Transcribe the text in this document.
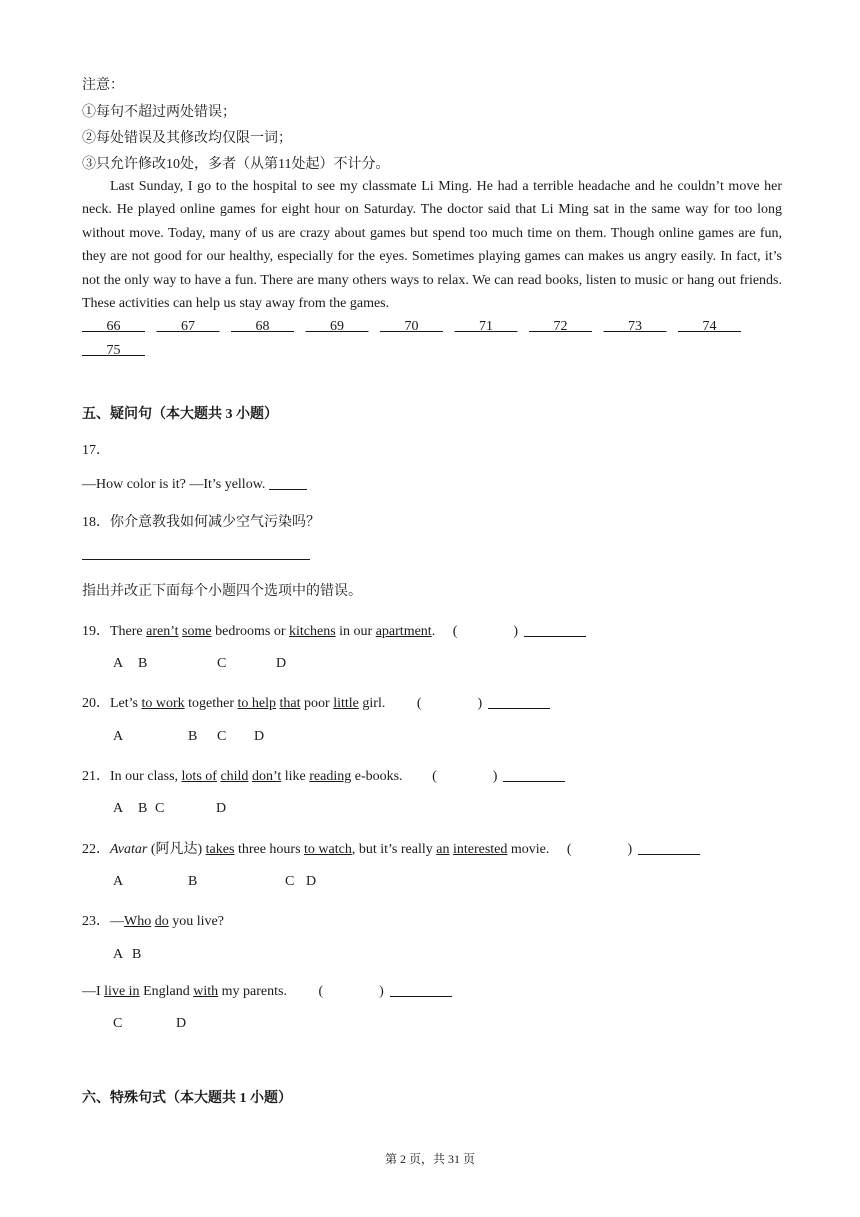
注意：
①每句不超过两处错误；
②每处错误及其修改均仅限一词；
③只允许修改10处，多者（从第11处起）不计分。
Last Sunday, I go to the hospital to see my classmate Li Ming. He had a terrible headache and he couldn’t move her neck. He played online games for eight hour on Saturday. The doctor said that Li Ming sat in the same way for too long without move. Today, many of us are crazy about games but spend too much time on them. Though online games are fun, they are not good for our healthy, especially for the eyes. Sometimes playing games can makes us angry easily. In fact, it’s not the only way to have a fun. There are many others ways to relax. We can read books, listen to music or hang out friends. These activities can help us stay away from the games.
66	67	68	69	70	71	72	73	74               75
五、疑问句（本大题共 3 小题）
17．
—How color is it? —It’s yellow.
18．你介意教我如何减少空气污染吗？
指出并改正下面每个小题四个选项中的错误。
19．There aren’t some bedrooms or kitchens in our apartment. (                )
A B	C	D
20．Let’s to work together to help that poor little girl. (                )
A	B C D
21．In our class, lots of child don’t like reading e-books. (                )
A B C	D
22．Avatar (阿凡达) takes three hours to watch, but it’s really an interested movie. (                )
A	B	C D
23．—Who do you live?
A B
—I live in England with my parents. (                )
C	D
六、特殊句式（本大题共 1 小题）
第 2 页，共 31 页
